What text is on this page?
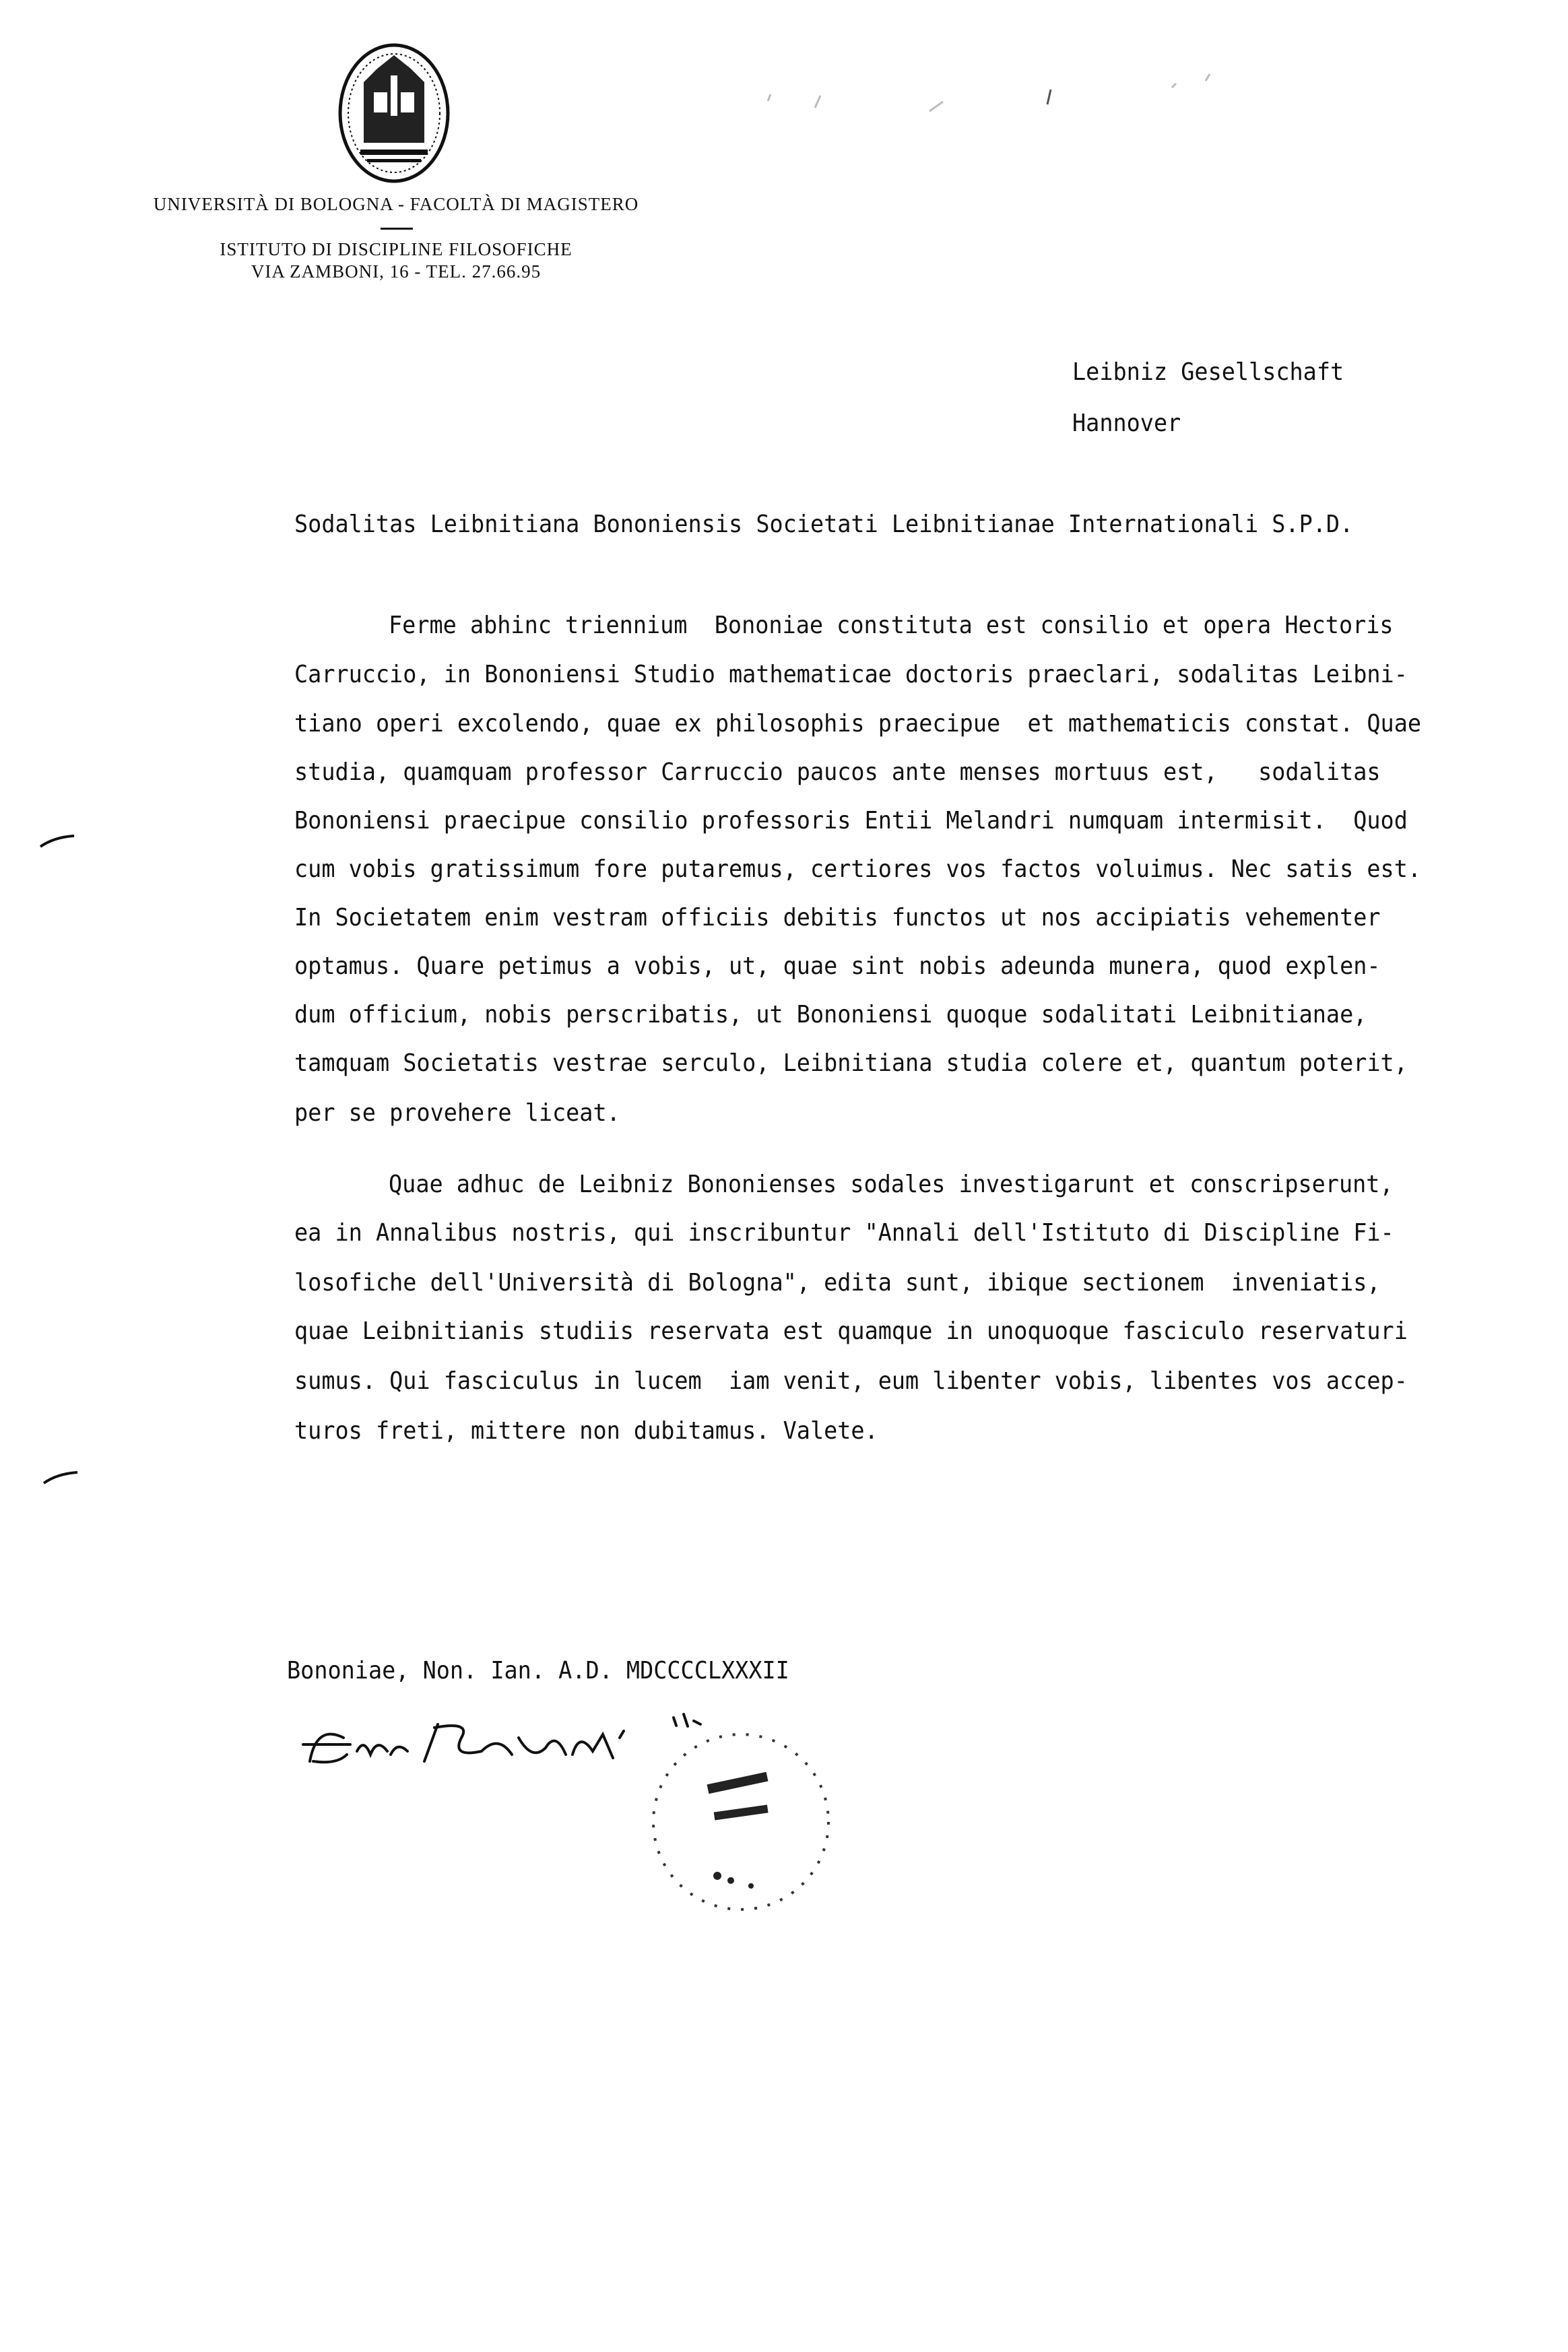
UNIVERSITÀ DI BOLOGNA - FACOLTÀ DI MAGISTERO
ISTITUTO DI DISCIPLINE FILOSOFICHE
VIA ZAMBONI, 16 - TEL. 27.66.95
Leibniz Gesellschaft
Hannover
Sodalitas Leibnitiana Bononiensis Societati Leibnitianae Internationali S.P.D.
Ferme abhinc triennium  Bononiae constituta est consilio et opera Hectoris
Carruccio, in Bononiensi Studio mathematicae doctoris praeclari, sodalitas Leibni-
tiano operi excolendo, quae ex philosophis praecipue  et mathematicis constat. Quae
studia, quamquam professor Carruccio paucos ante menses mortuus est,   sodalitas
Bononiensi praecipue consilio professoris Entii Melandri numquam intermisit.  Quod
cum vobis gratissimum fore putaremus, certiores vos factos voluimus. Nec satis est.
In Societatem enim vestram officiis debitis functos ut nos accipiatis vehementer
optamus. Quare petimus a vobis, ut, quae sint nobis adeunda munera, quod explen-
dum officium, nobis perscribatis, ut Bononiensi quoque sodalitati Leibnitianae,
tamquam Societatis vestrae serculo, Leibnitiana studia colere et, quantum poterit,
per se provehere liceat.
Quae adhuc de Leibniz Bononienses sodales investigarunt et conscripserunt,
ea in Annalibus nostris, qui inscribuntur "Annali dell'Istituto di Discipline Fi-
losofiche dell'Università di Bologna", edita sunt, ibique sectionem  inveniatis,
quae Leibnitianis studiis reservata est quamque in unoquoque fasciculo reservaturi
sumus. Qui fasciculus in lucem  iam venit, eum libenter vobis, libentes vos accep-
turos freti, mittere non dubitamus. Valete.
Bononiae, Non. Ian. A.D. MDCCCCLXXXII
